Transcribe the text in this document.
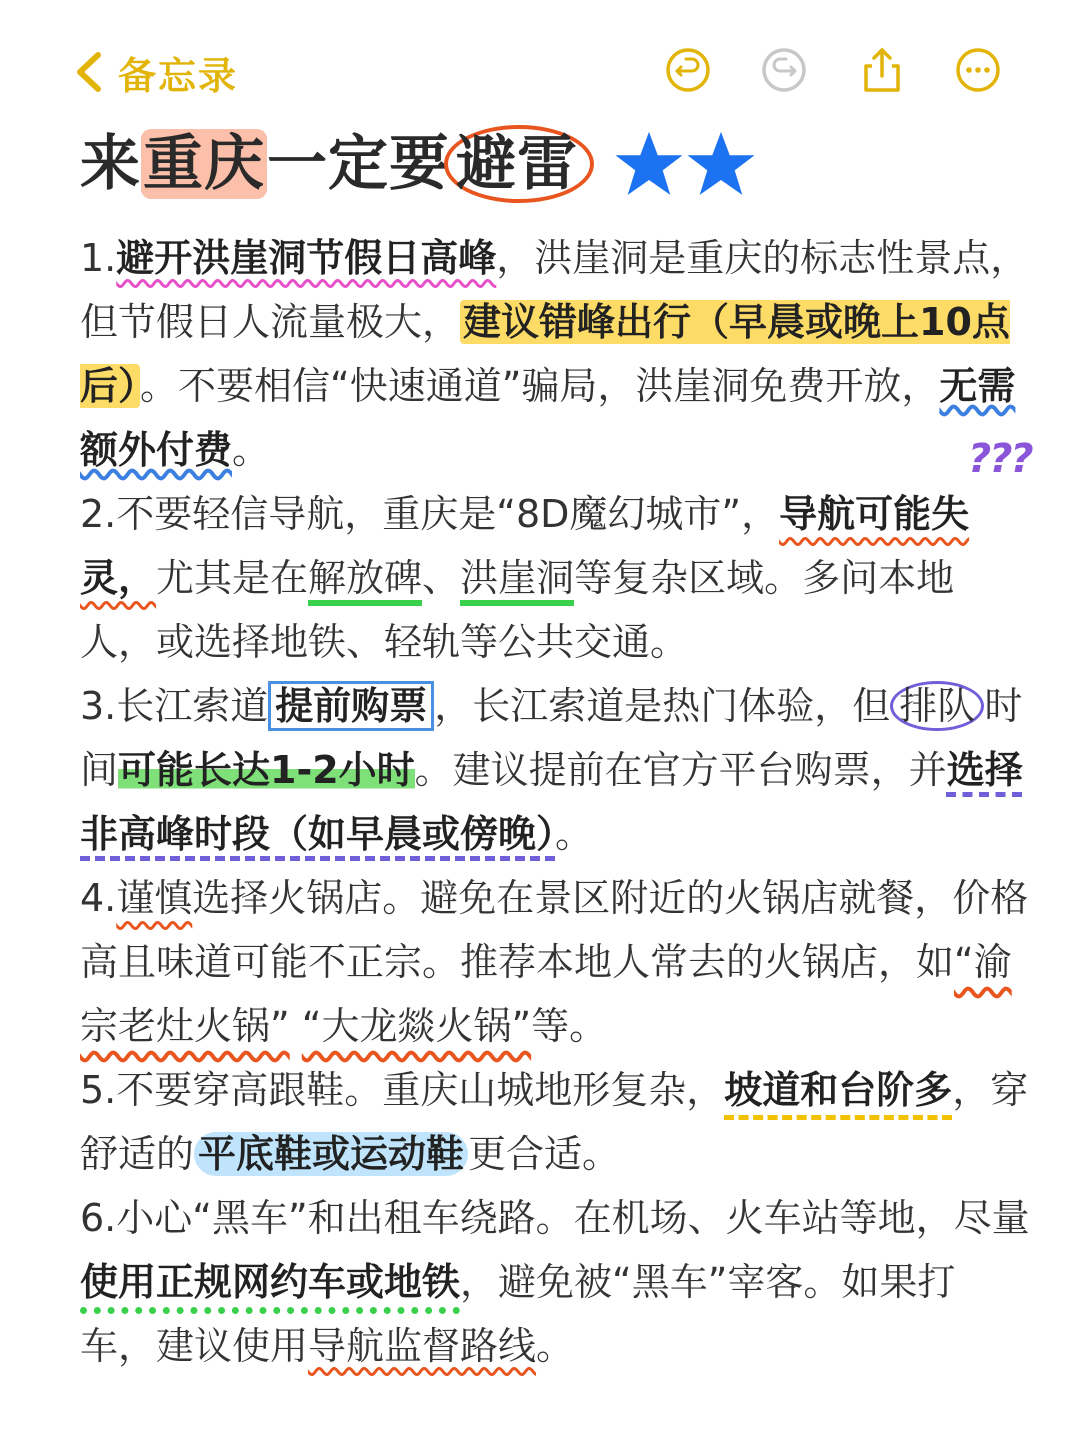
备忘录
来重庆一定要 避雷
???

1.避开洪崖洞节假日高峰，洪崖洞是重庆的标志性景点，但节假日人流量极大，建议错峰出行（早晨或晚上10点后）。不要相信“快速通道”骗局，洪崖洞免费开放，无需额外付费。

2.不要轻信导航，重庆是“8D魔幻城市”，导航可能失灵，尤其是在解放碑、洪崖洞等复杂区域。多问本地人，或选择地铁、轻轨等公共交通。

3.长江索道 提前购票 ，长江索道是热门体验，但 排队 时间可能长达1-2小时。建议提前在官方平台购票，并选择非高峰时段（如早晨或傍晚）。

4.谨慎选择火锅店。避免在景区附近的火锅店就餐，价格高且味道可能不正宗。推荐本地人常去的火锅店，如“渝宗老灶火锅” “大龙燚火锅”等。

5.不要穿高跟鞋。重庆山城地形复杂，坡道和台阶多，穿舒适的 平底鞋或运动鞋 更合适。

6.小心“黑车”和出租车绕路。在机场、火车站等地，尽量使用正规网约车或地铁，避免被“黑车”宰客。如果打车，建议使用导航监督路线。
